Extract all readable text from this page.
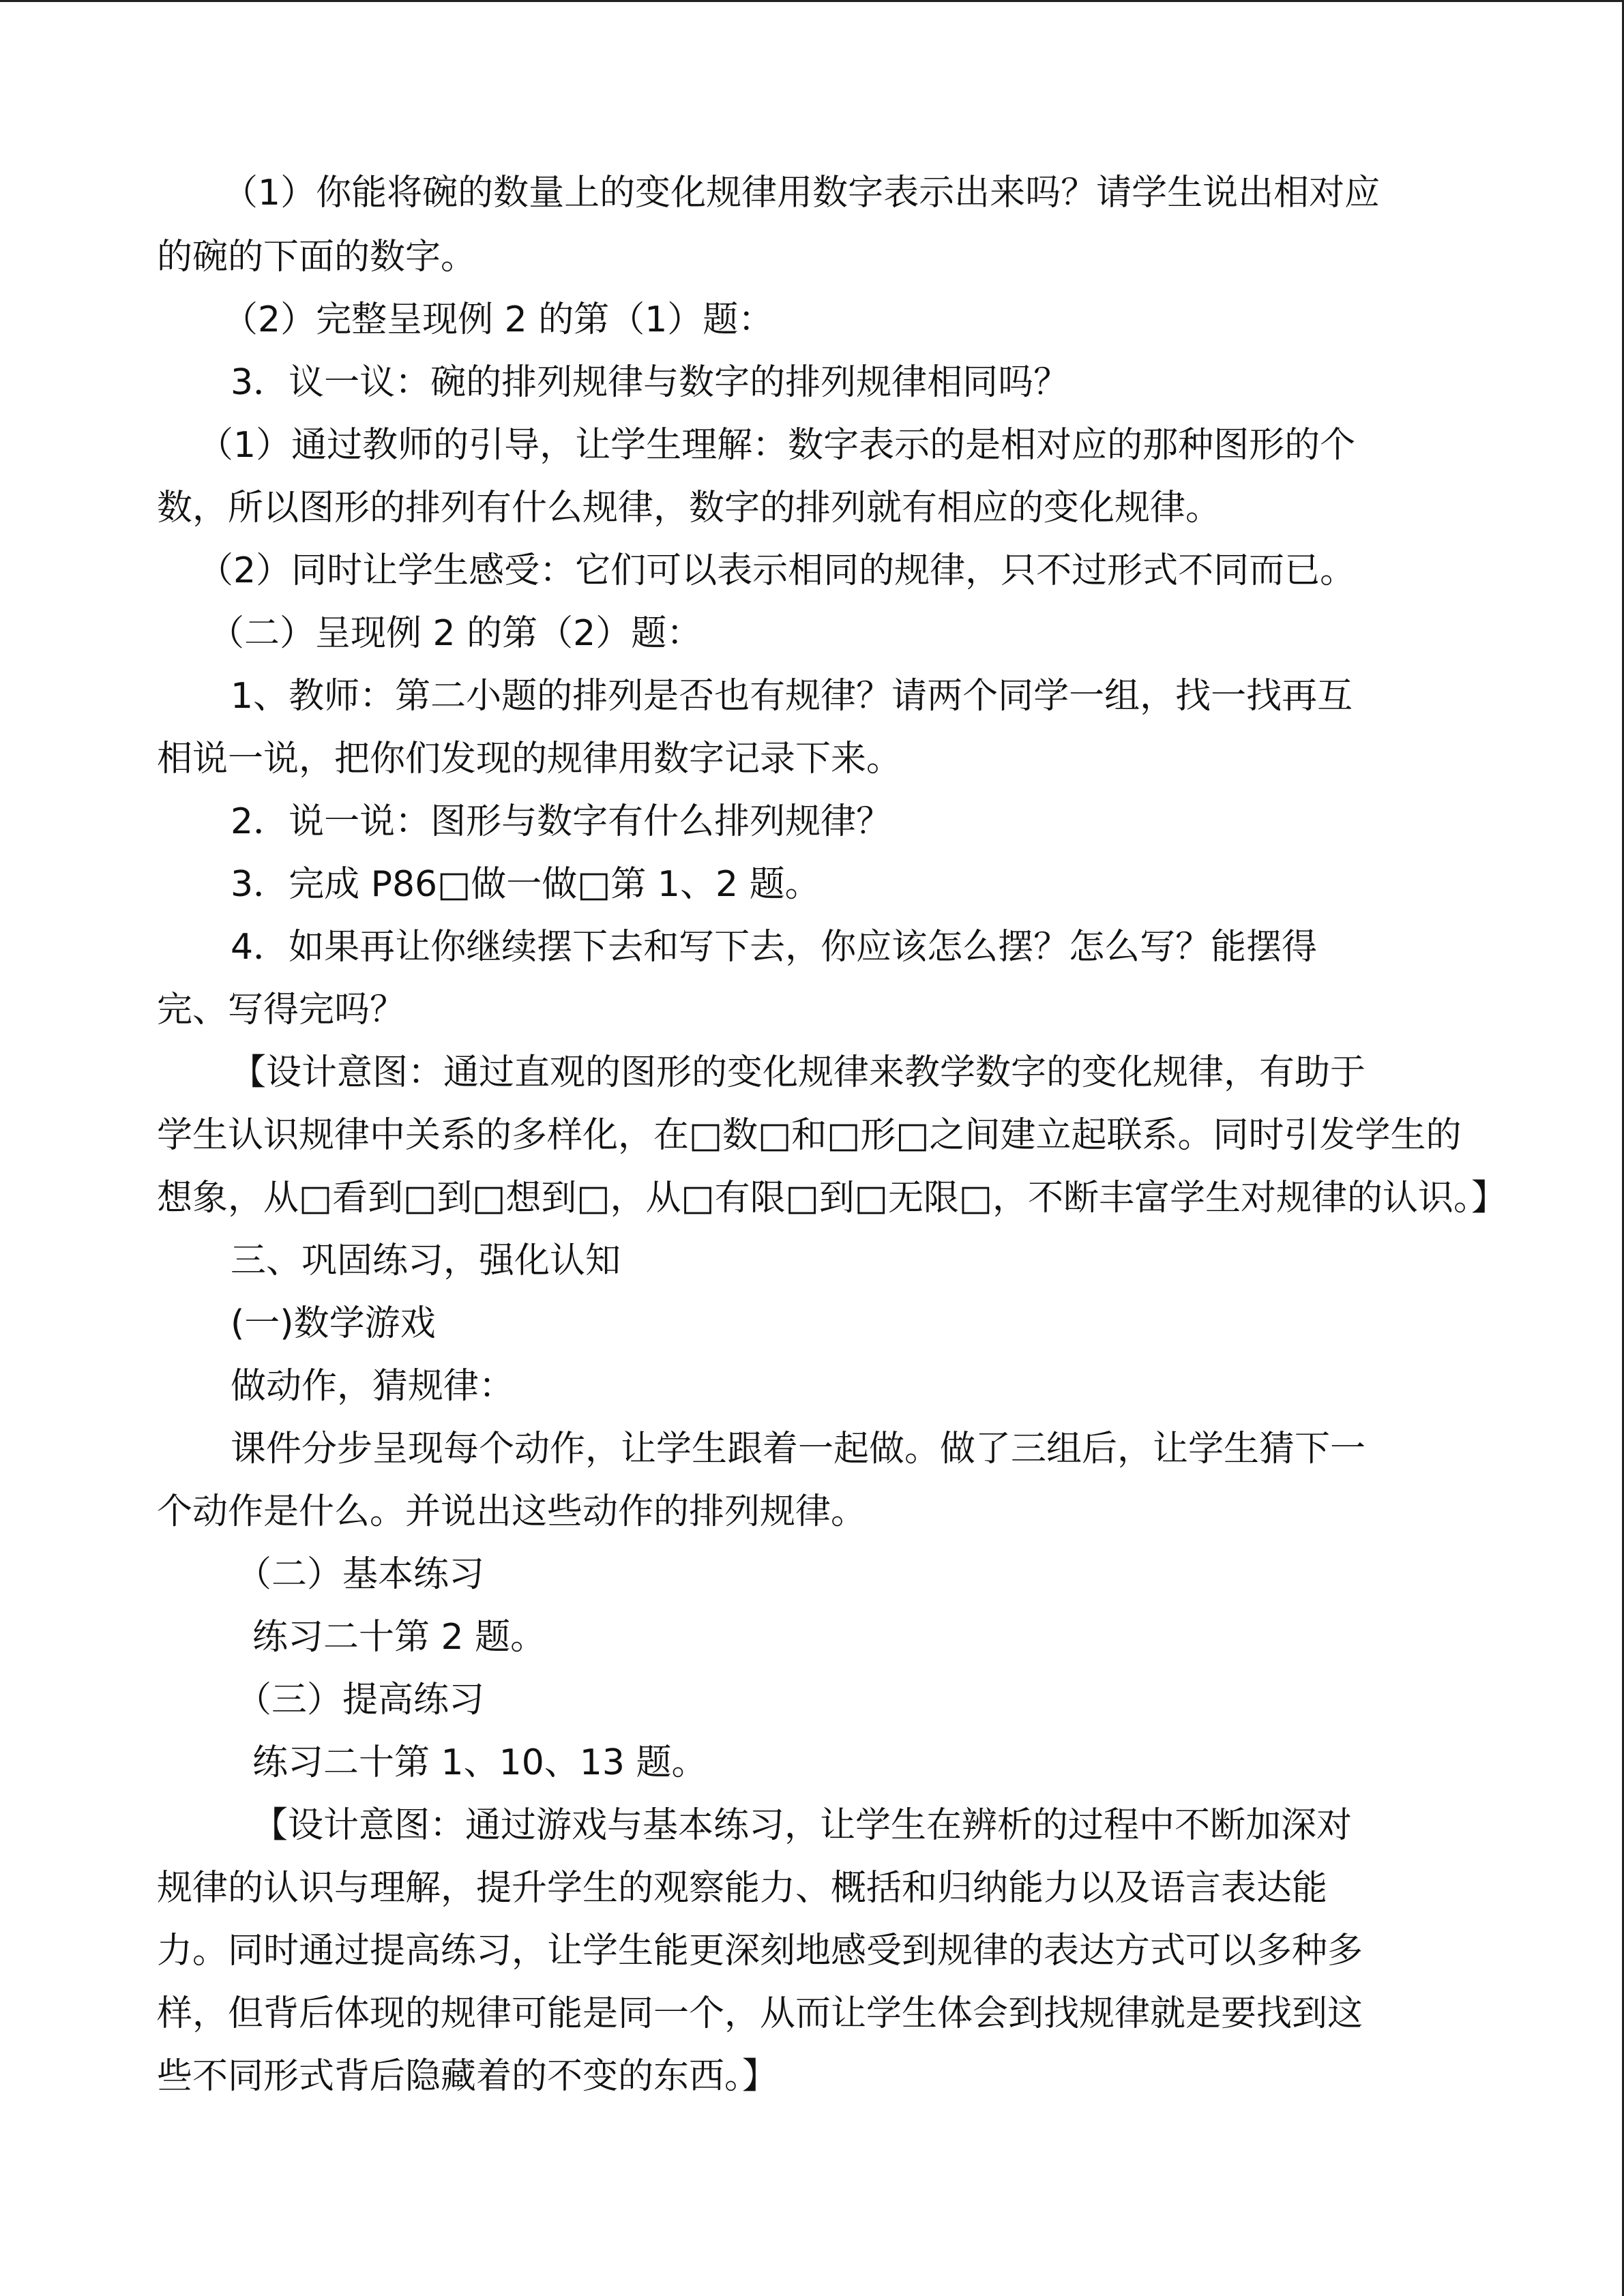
（1）你能将碗的数量上的变化规律用数字表示出来吗？请学生说出相对应
的碗的下面的数字。
（2）完整呈现例 2 的第（1）题：
3．议一议：碗的排列规律与数字的排列规律相同吗？
（1）通过教师的引导，让学生理解：数字表示的是相对应的那种图形的个
数，所以图形的排列有什么规律，数字的排列就有相应的变化规律。
（2）同时让学生感受：它们可以表示相同的规律，只不过形式不同而已。
（二）呈现例 2 的第（2）题：
1、教师：第二小题的排列是否也有规律？请两个同学一组，找一找再互
相说一说，把你们发现的规律用数字记录下来。
2．说一说：图形与数字有什么排列规律？
3．完成 P86□做一做□第 1、2 题。
4．如果再让你继续摆下去和写下去，你应该怎么摆？怎么写？能摆得
完、写得完吗？
【设计意图：通过直观的图形的变化规律来教学数字的变化规律，有助于
学生认识规律中关系的多样化，在□数□和□形□之间建立起联系。同时引发学生的
想象，从□看到□到□想到□，从□有限□到□无限□，不断丰富学生对规律的认识。】
三、巩固练习，强化认知
(一)数学游戏
做动作，猜规律：
课件分步呈现每个动作，让学生跟着一起做。做了三组后，让学生猜下一
个动作是什么。并说出这些动作的排列规律。
（二）基本练习
练习二十第 2 题。
（三）提高练习
练习二十第 1、10、13 题。
【设计意图：通过游戏与基本练习，让学生在辨析的过程中不断加深对
规律的认识与理解，提升学生的观察能力、概括和归纳能力以及语言表达能
力。同时通过提高练习，让学生能更深刻地感受到规律的表达方式可以多种多
样，但背后体现的规律可能是同一个，从而让学生体会到找规律就是要找到这
些不同形式背后隐藏着的不变的东西。】
